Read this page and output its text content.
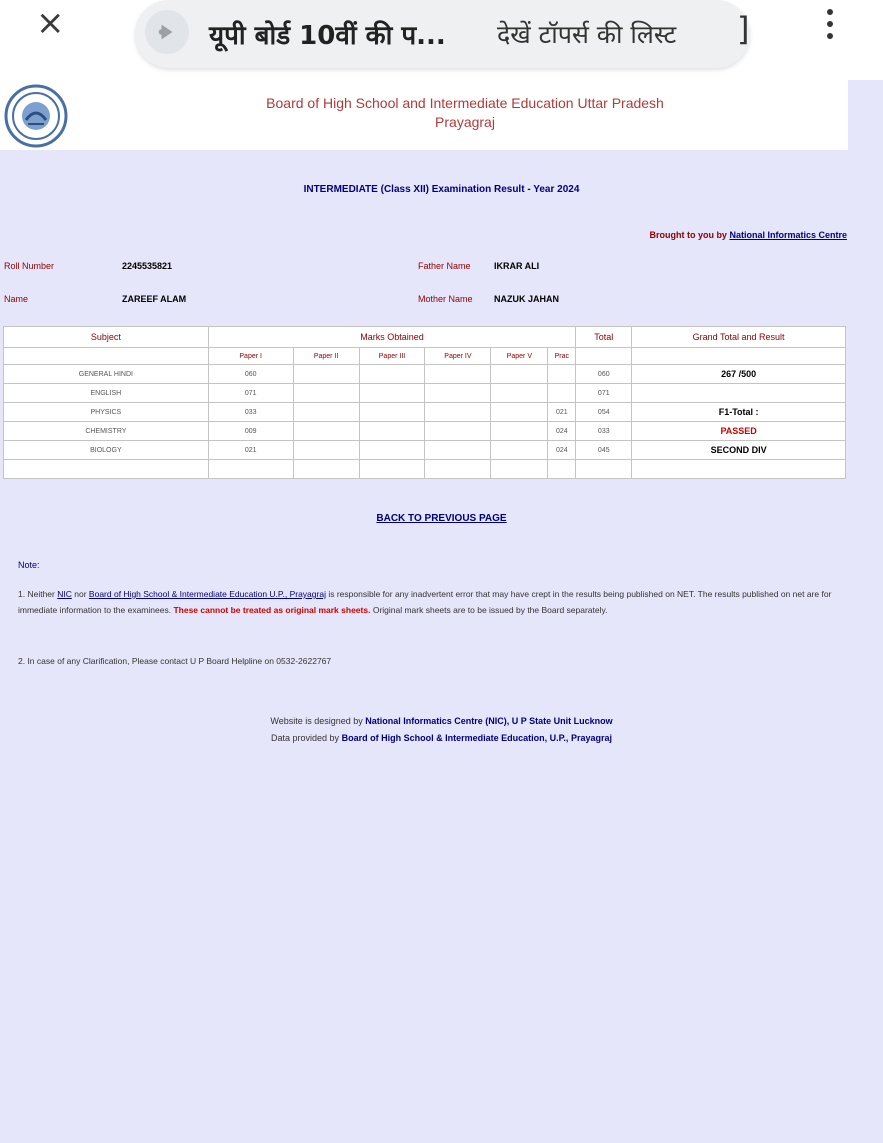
×	यूपी बोर्ड 10वीं की प... देखें टॉपर्स की लिस्ट ]
Board of High School and Intermediate Education Uttar Pradesh
Prayagraj
INTERMEDIATE (Class XII) Examination Result - Year 2024
Brought to you by National Informatics Centre
Roll Number	2245535821	Father Name	IKRAR ALI
Name	ZAREEF ALAM	Mother Name NAZUK JAHAN
Subject	Marks Obtained						Total	Grand Total and Result
	Paper I	Paper II	Paper III	Paper IV	Paper V	Prac		
GENERAL HINDI	060						060	267 /500
ENGLISH	071						071	
PHYSICS	033					021	054	F1-Total :
CHEMISTRY	009					024	033	PASSED
BIOLOGY	021					024	045	SECOND DIV

BACK TO PREVIOUS PAGE
Note:
1. Neither NIC nor Board of High School & Intermediate Education U.P., Prayagraj is responsible for any inadvertent error that may have crept in the results being published on NET. The results published on net are for immediate information to the examinees. These cannot be treated as original mark sheets. Original mark sheets are to be issued by the Board separately.
2. In case of any Clarification, Please contact U P Board Helpline on 0532-2622767
Website is designed by National Informatics Centre (NIC), U P State Unit Lucknow
Data provided by Board of High School & Intermediate Education, U.P., Prayagraj
